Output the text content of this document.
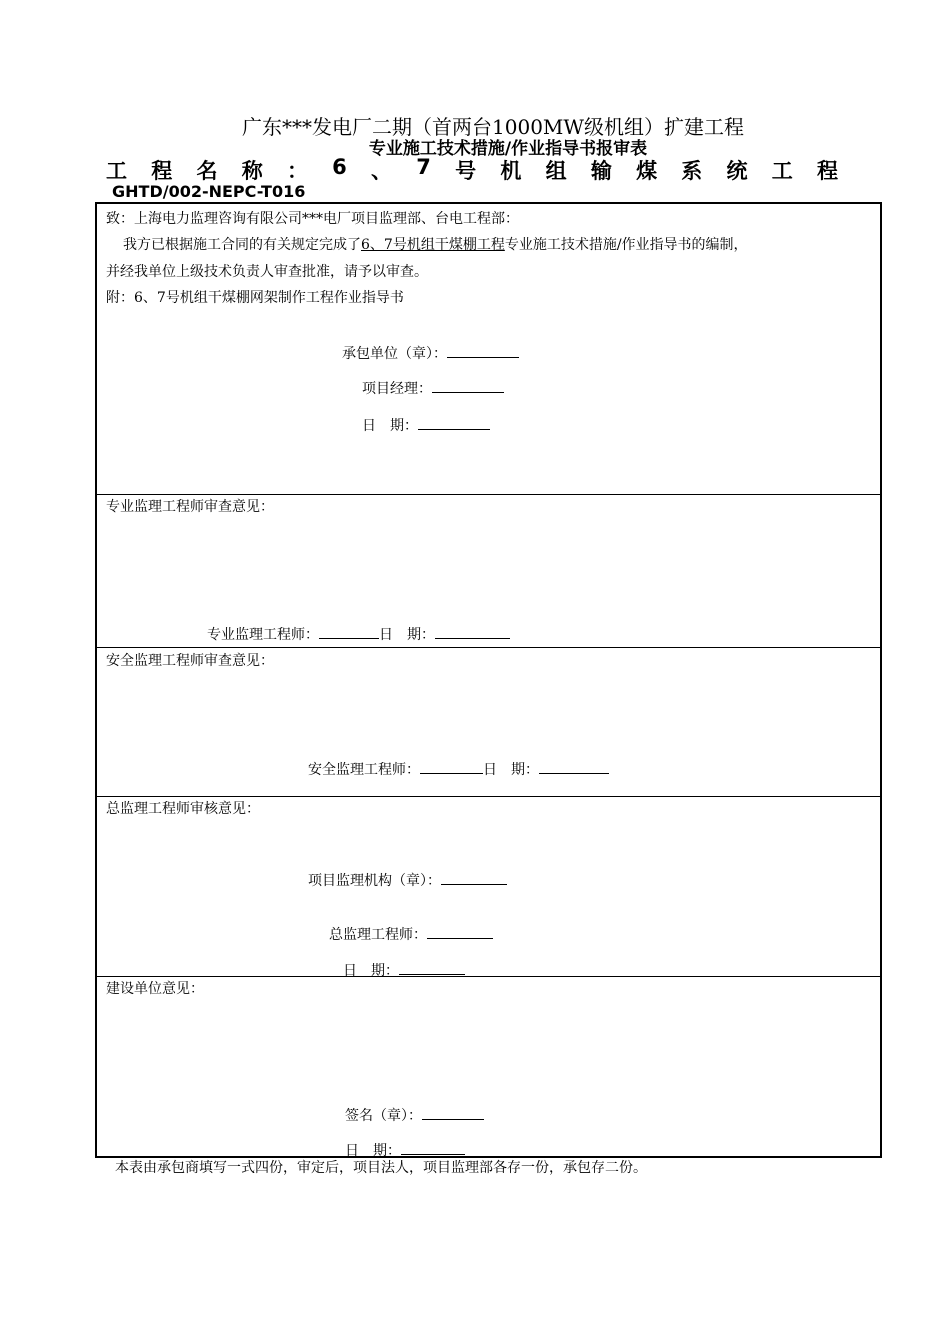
广东***发电厂二期（首两台1000MW级机组）扩建工程
专业施工技术措施/作业指导书报审表
工 程 名 称 ： 6 、 7 号 机 组 输 煤 系 统 工 程
GHTD/002-NEPC-T016
致：上海电力监理咨询有限公司***电厂项目监理部、台电工程部：
我方已根据施工合同的有关规定完成了6、7号机组干煤棚工程专业施工技术措施/作业指导书的编制，
并经我单位上级技术负责人审查批准，请予以审查。
附：6、7号机组干煤棚网架制作工程作业指导书
承包单位（章）：
项目经理：
日　期：
专业监理工程师审查意见：
专业监理工程师：	日　期：
安全监理工程师审查意见：
安全监理工程师：	日　期：
总监理工程师审核意见：
项目监理机构（章）：
总监理工程师：
日　期：
建设单位意见：
签名（章）：
日　期：
本表由承包商填写一式四份，审定后，项目法人，项目监理部各存一份，承包存二份。
